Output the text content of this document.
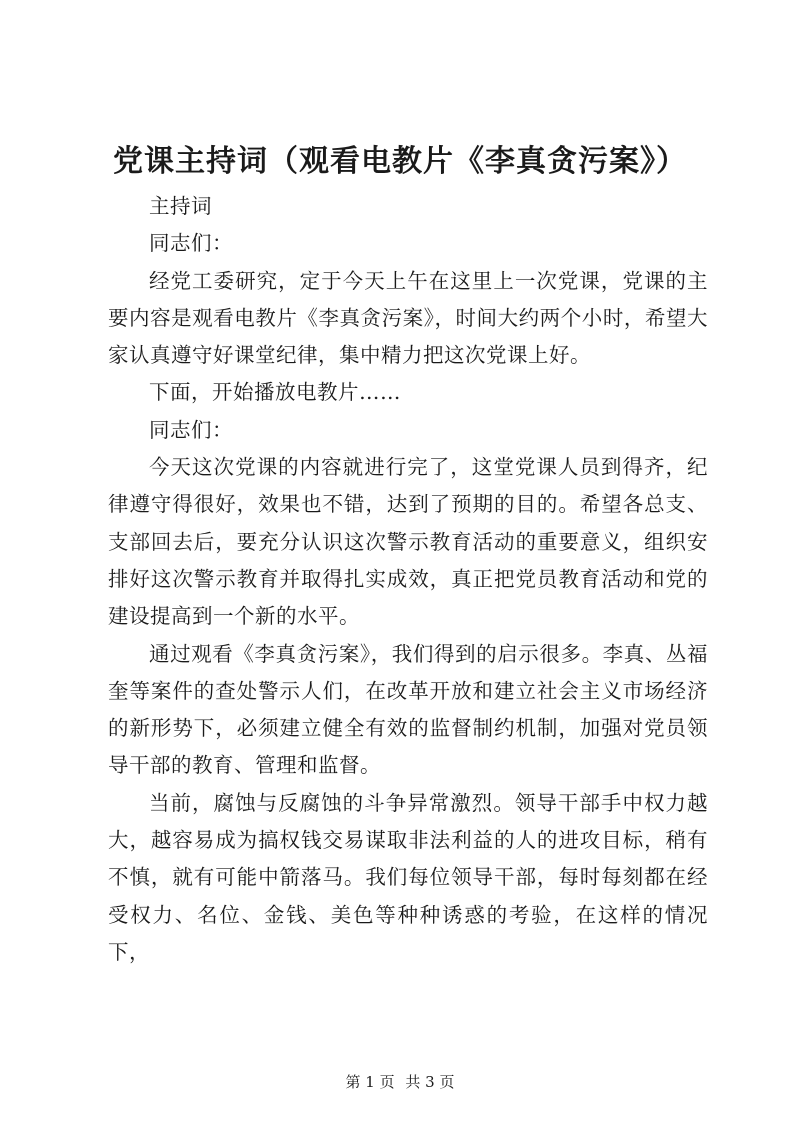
党课主持词（观看电教片《李真贪污案》）

主持词

同志们：

经党工委研究，定于今天上午在这里上一次党课，党课的主要内容是观看电教片《李真贪污案》，时间大约两个小时，希望大家认真遵守好课堂纪律，集中精力把这次党课上好。

下面，开始播放电教片……

同志们：

今天这次党课的内容就进行完了，这堂党课人员到得齐，纪律遵守得很好，效果也不错，达到了预期的目的。希望各总支、支部回去后，要充分认识这次警示教育活动的重要意义，组织安排好这次警示教育并取得扎实成效，真正把党员教育活动和党的建设提高到一个新的水平。

通过观看《李真贪污案》，我们得到的启示很多。李真、丛福奎等案件的查处警示人们，在改革开放和建立社会主义市场经济的新形势下，必须建立健全有效的监督制约机制，加强对党员领导干部的教育、管理和监督。

当前，腐蚀与反腐蚀的斗争异常激烈。领导干部手中权力越大，越容易成为搞权钱交易谋取非法利益的人的进攻目标，稍有不慎，就有可能中箭落马。我们每位领导干部，每时每刻都在经受权力、名位、金钱、美色等种种诱惑的考验，在这样的情况下，

第 1 页 共 3 页
